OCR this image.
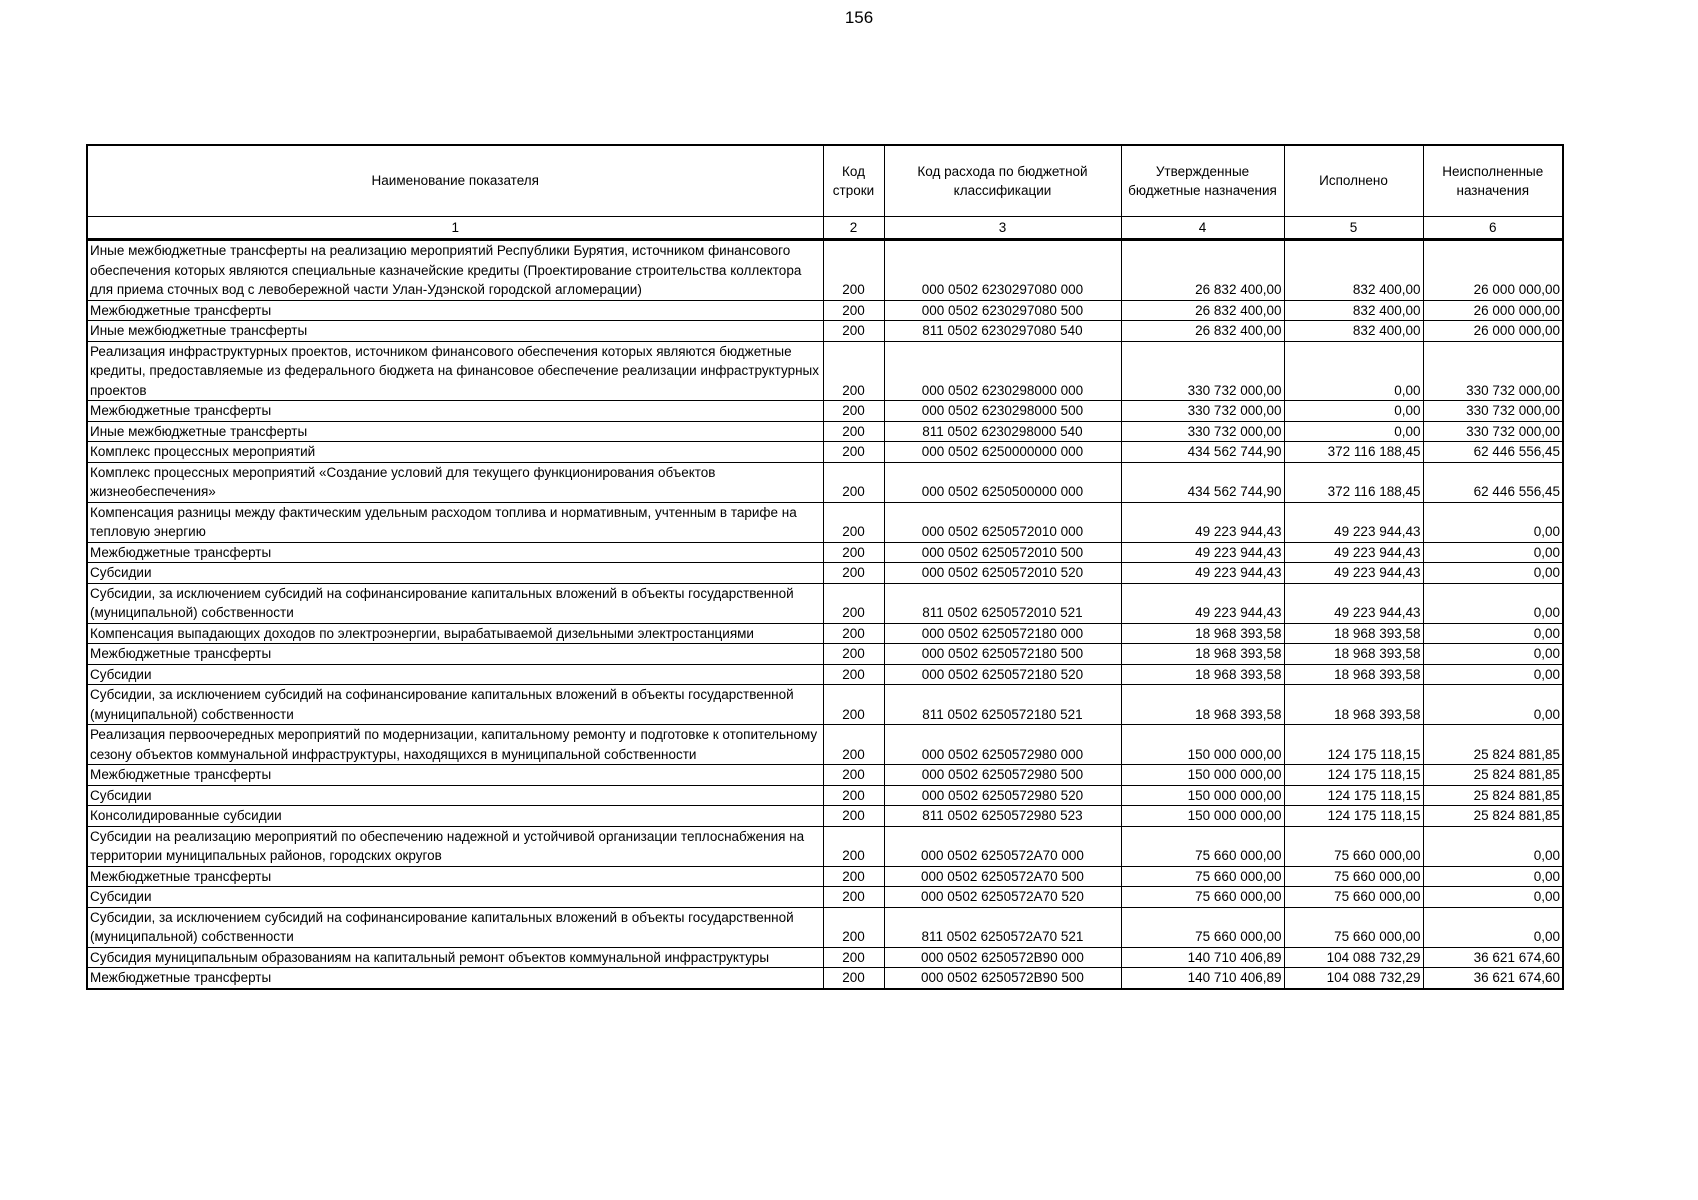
156
Наименование показателя	Код строки	Код расхода по бюджетной классификации	Утвержденные бюджетные назначения	Исполнено	Неисполненные назначения
1	2	3	4	5	6
Иные межбюджетные трансферты на реализацию мероприятий Республики Бурятия, источником финансового обеспечения которых являются специальные казначейские кредиты (Проектирование строительства коллектора для приема сточных вод с левобережной части Улан-Удэнской городской агломерации)	200	000 0502 6230297080 000	26 832 400,00	832 400,00	26 000 000,00
Межбюджетные трансферты	200	000 0502 6230297080 500	26 832 400,00	832 400,00	26 000 000,00
Иные межбюджетные трансферты	200	811 0502 6230297080 540	26 832 400,00	832 400,00	26 000 000,00
Реализация инфраструктурных проектов, источником финансового обеспечения которых являются бюджетные кредиты, предоставляемые из федерального бюджета на финансовое обеспечение реализации инфраструктурных проектов	200	000 0502 6230298000 000	330 732 000,00	0,00	330 732 000,00
Межбюджетные трансферты	200	000 0502 6230298000 500	330 732 000,00	0,00	330 732 000,00
Иные межбюджетные трансферты	200	811 0502 6230298000 540	330 732 000,00	0,00	330 732 000,00
Комплекс процессных мероприятий	200	000 0502 6250000000 000	434 562 744,90	372 116 188,45	62 446 556,45
Комплекс процессных мероприятий «Создание условий для текущего функционирования объектов жизнеобеспечения»	200	000 0502 6250500000 000	434 562 744,90	372 116 188,45	62 446 556,45
Компенсация разницы между фактическим удельным расходом топлива и нормативным, учтенным в тарифе на тепловую энергию	200	000 0502 6250572010 000	49 223 944,43	49 223 944,43	0,00
Межбюджетные трансферты	200	000 0502 6250572010 500	49 223 944,43	49 223 944,43	0,00
Субсидии	200	000 0502 6250572010 520	49 223 944,43	49 223 944,43	0,00
Субсидии, за исключением субсидий на софинансирование капитальных вложений в объекты государственной (муниципальной) собственности	200	811 0502 6250572010 521	49 223 944,43	49 223 944,43	0,00
Компенсация выпадающих доходов по электроэнергии, вырабатываемой дизельными электростанциями	200	000 0502 6250572180 000	18 968 393,58	18 968 393,58	0,00
Межбюджетные трансферты	200	000 0502 6250572180 500	18 968 393,58	18 968 393,58	0,00
Субсидии	200	000 0502 6250572180 520	18 968 393,58	18 968 393,58	0,00
Субсидии, за исключением субсидий на софинансирование капитальных вложений в объекты государственной (муниципальной) собственности	200	811 0502 6250572180 521	18 968 393,58	18 968 393,58	0,00
Реализация первоочередных мероприятий по модернизации, капитальному ремонту и подготовке к отопительному сезону объектов коммунальной инфраструктуры, находящихся в муниципальной собственности	200	000 0502 6250572980 000	150 000 000,00	124 175 118,15	25 824 881,85
Межбюджетные трансферты	200	000 0502 6250572980 500	150 000 000,00	124 175 118,15	25 824 881,85
Субсидии	200	000 0502 6250572980 520	150 000 000,00	124 175 118,15	25 824 881,85
Консолидированные субсидии	200	811 0502 6250572980 523	150 000 000,00	124 175 118,15	25 824 881,85
Субсидии на реализацию мероприятий по обеспечению надежной и устойчивой организации теплоснабжения на территории муниципальных районов, городских округов	200	000 0502 6250572A70 000	75 660 000,00	75 660 000,00	0,00
Межбюджетные трансферты	200	000 0502 6250572A70 500	75 660 000,00	75 660 000,00	0,00
Субсидии	200	000 0502 6250572A70 520	75 660 000,00	75 660 000,00	0,00
Субсидии, за исключением субсидий на софинансирование капитальных вложений в объекты государственной (муниципальной) собственности	200	811 0502 6250572A70 521	75 660 000,00	75 660 000,00	0,00
Субсидия муниципальным образованиям на капитальный ремонт объектов коммунальной инфраструктуры	200	000 0502 6250572B90 000	140 710 406,89	104 088 732,29	36 621 674,60
Межбюджетные трансферты	200	000 0502 6250572B90 500	140 710 406,89	104 088 732,29	36 621 674,60
